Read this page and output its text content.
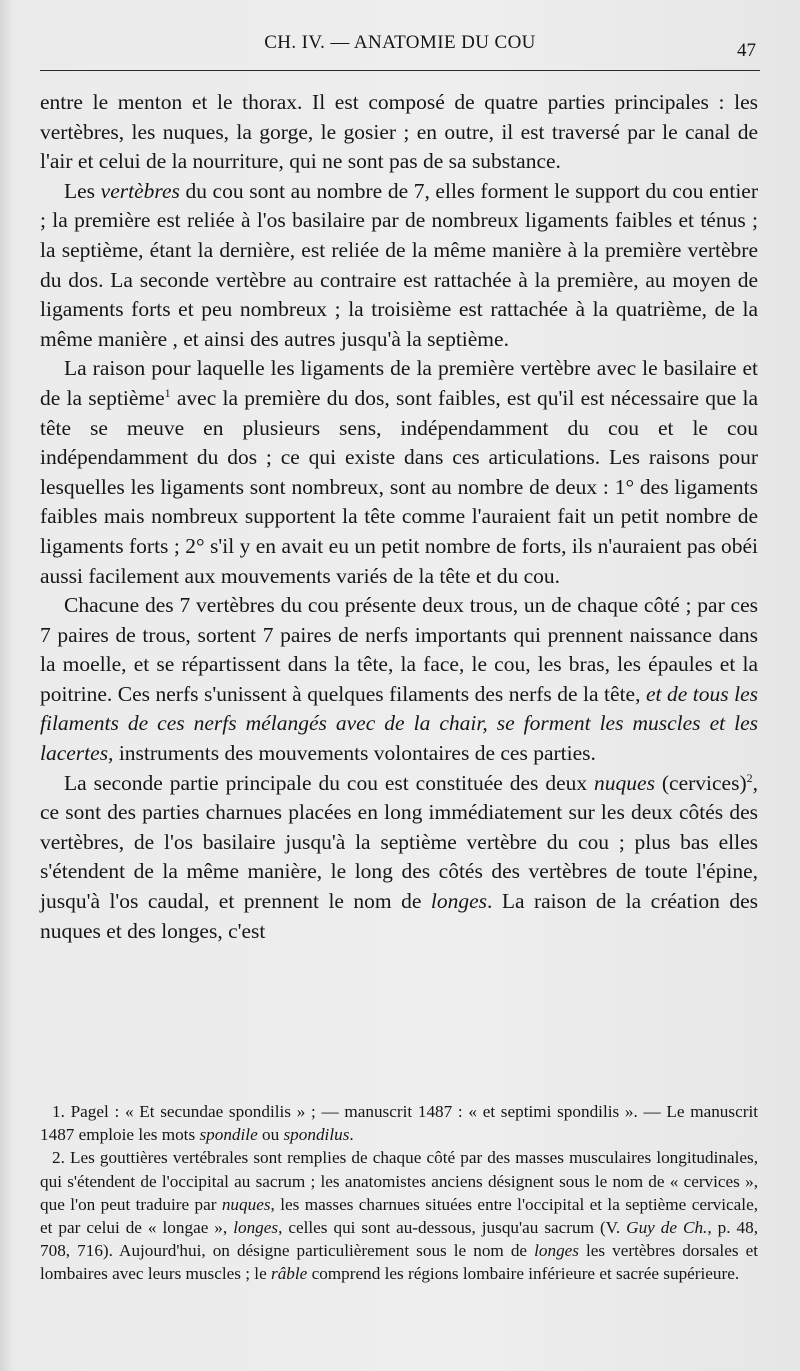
CH. IV. — ANATOMIE DU COU	47

entre le menton et le thorax. Il est composé de quatre parties principales : les vertèbres, les nuques, la gorge, le gosier ; en outre, il est traversé par le canal de l'air et celui de la nourriture, qui ne sont pas de sa substance.

Les vertèbres du cou sont au nombre de 7, elles forment le support du cou entier ; la première est reliée à l'os basilaire par de nombreux ligaments faibles et ténus ; la septième, étant la dernière, est reliée de la même manière à la première vertèbre du dos. La seconde vertèbre au contraire est rattachée à la première, au moyen de ligaments forts et peu nombreux ; la troisième est rattachée à la quatrième, de la même manière , et ainsi des autres jusqu'à la septième.

La raison pour laquelle les ligaments de la première vertèbre avec le basilaire et de la septième$^1$ avec la première du dos, sont faibles, est qu'il est nécessaire que la tête se meuve en plusieurs sens, indépendamment du cou et le cou indépendamment du dos ; ce qui existe dans ces articulations. Les raisons pour lesquelles les ligaments sont nombreux, sont au nombre de deux : 1° des ligaments faibles mais nombreux supportent la tête comme l'auraient fait un petit nombre de ligaments forts ; 2° s'il y en avait eu un petit nombre de forts, ils n'auraient pas obéi aussi facilement aux mouvements variés de la tête et du cou.

Chacune des 7 vertèbres du cou présente deux trous, un de chaque côté ; par ces 7 paires de trous, sortent 7 paires de nerfs importants qui prennent naissance dans la moelle, et se répartissent dans la tête, la face, le cou, les bras, les épaules et la poitrine. Ces nerfs s'unissent à quelques filaments des nerfs de la tête, et de tous les filaments de ces nerfs mélangés avec de la chair, se forment les muscles et les lacertes, instruments des mouvements volontaires de ces parties.

La seconde partie principale du cou est constituée des deux nuques (cervices)$^2$, ce sont des parties charnues placées en long immédiatement sur les deux côtés des vertèbres, de l'os basilaire jusqu'à la septième vertèbre du cou ; plus bas elles s'étendent de la même manière, le long des côtés des vertèbres de toute l'épine, jusqu'à l'os caudal, et prennent le nom de longes. La raison de la création des nuques et des longes, c'est

1. Pagel : « Et secundae spondilis » ; — manuscrit 1487 : « et septimi spondilis ». — Le manuscrit 1487 emploie les mots spondile ou spondilus.

2. Les gouttières vertébrales sont remplies de chaque côté par des masses musculaires longitudinales, qui s'étendent de l'occipital au sacrum ; les anatomistes anciens désignent sous le nom de « cervices », que l'on peut traduire par nuques, les masses charnues situées entre l'occipital et la septième cervicale, et par celui de « longae », longes, celles qui sont au-dessous, jusqu'au sacrum (V. Guy de Ch., p. 48, 708, 716). Aujourd'hui, on désigne particulièrement sous le nom de longes les vertèbres dorsales et lombaires avec leurs muscles ; le râble comprend les régions lombaire inférieure et sacrée supérieure.
